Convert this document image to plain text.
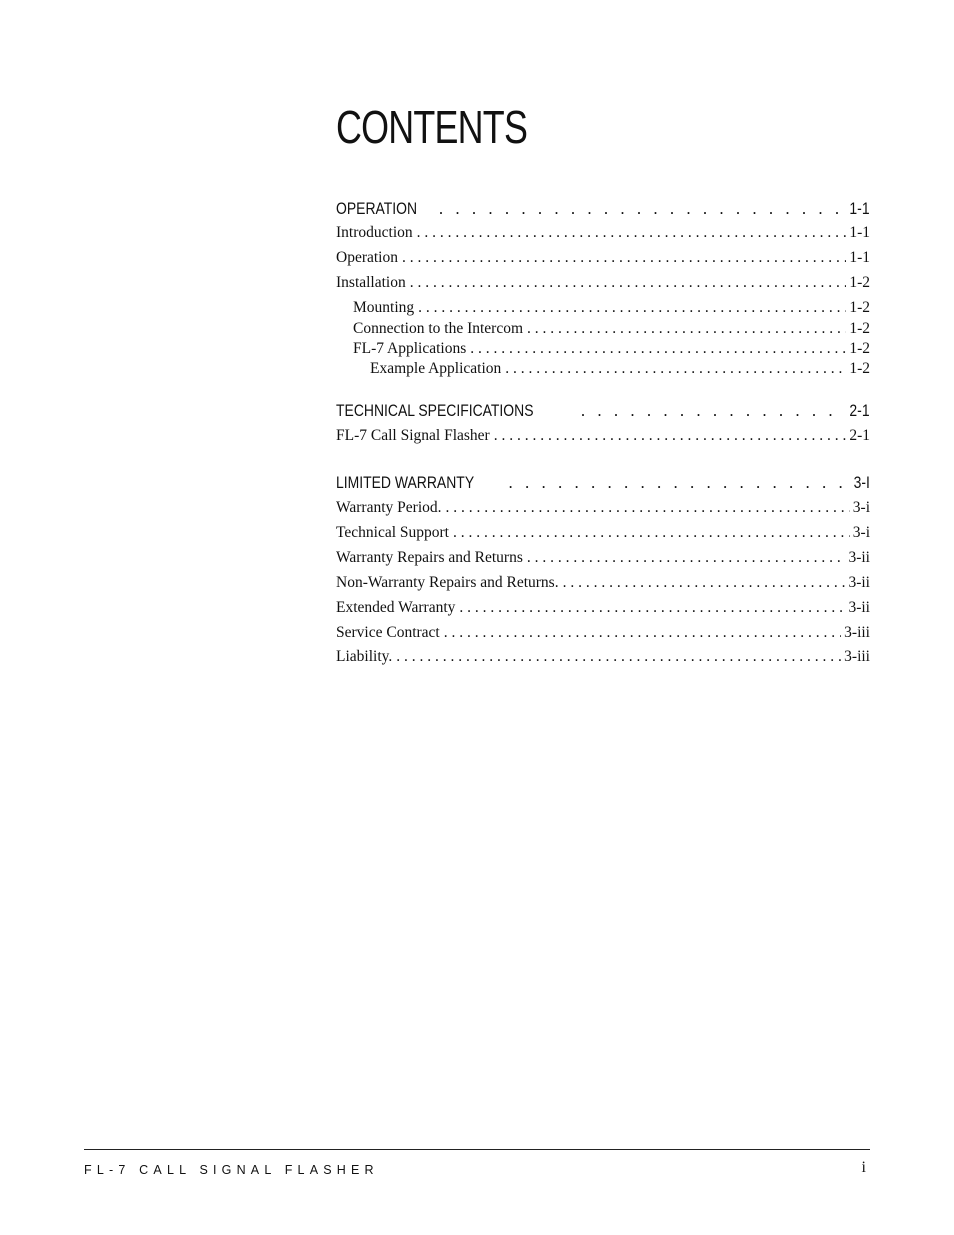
CONTENTS
OPERATION . . .	1-1
Introduction . . .	1-1
Operation . . .	1-1
Installation . . .	1-2
Mounting . . .	1-2
Connection to the Intercom . . .	1-2
FL-7 Applications . . .	1-2
Example Application . . .	1-2
TECHNICAL SPECIFICATIONS . . .	2-1
FL-7 Call Signal Flasher . . .	2-1
LIMITED WARRANTY . . .	3-I
Warranty Period. . . .	3-i
Technical Support . . .	3-i
Warranty Repairs and Returns . . .	3-ii
Non-Warranty Repairs and Returns. . . .	3-ii
Extended Warranty . . .	3-ii
Service Contract . . .	3-iii
Liability. . . .	3-iii
FL-7 CALL SIGNAL FLASHER	i
